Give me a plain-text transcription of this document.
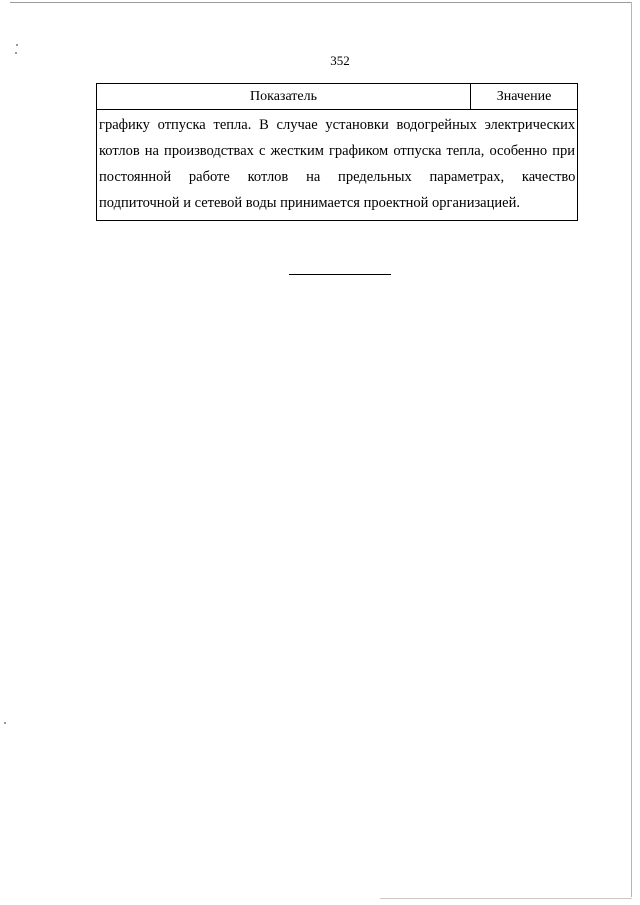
352
Показатель	Значение
графику отпуска тепла. В случае установки водогрейных электрических
котлов на производствах с жестким графиком отпуска тепла, особенно при
постоянной работе котлов на предельных параметрах, качество
подпиточной и сетевой воды принимается проектной организацией.
